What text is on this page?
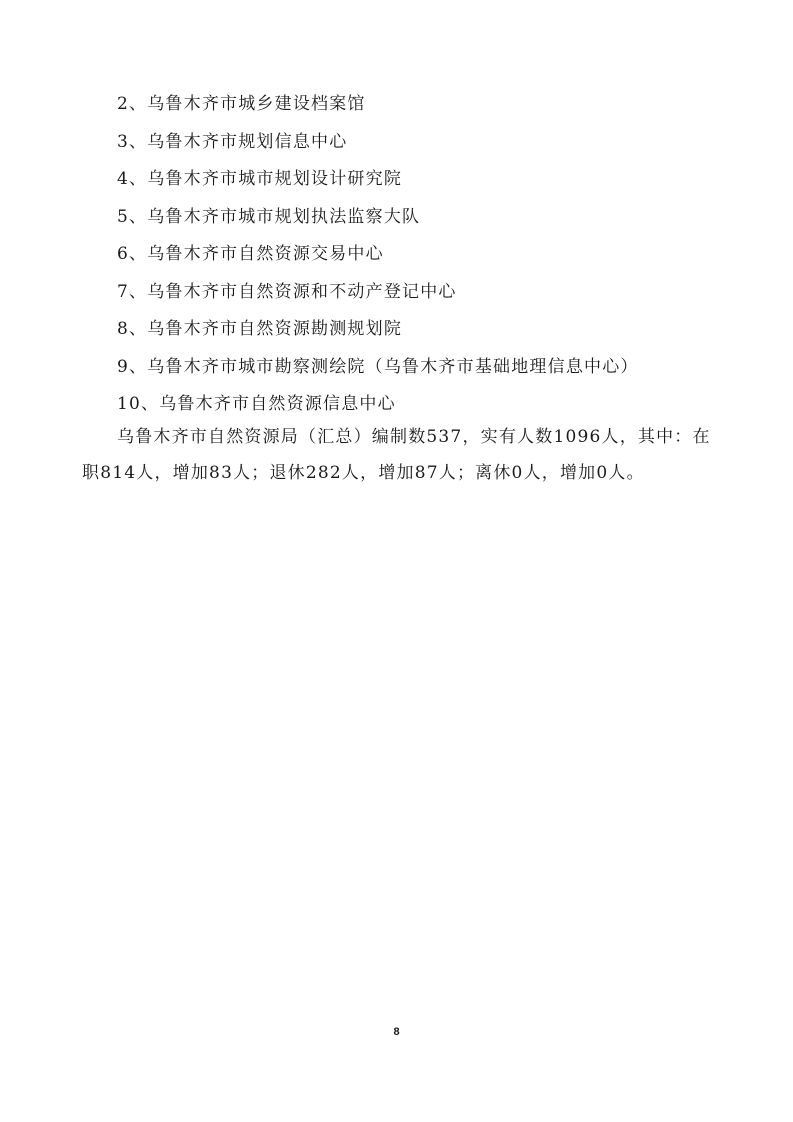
2、乌鲁木齐市城乡建设档案馆
3、乌鲁木齐市规划信息中心
4、乌鲁木齐市城市规划设计研究院
5、乌鲁木齐市城市规划执法监察大队
6、乌鲁木齐市自然资源交易中心
7、乌鲁木齐市自然资源和不动产登记中心
8、乌鲁木齐市自然资源勘测规划院
9、乌鲁木齐市城市勘察测绘院（乌鲁木齐市基础地理信息中心）
10、乌鲁木齐市自然资源信息中心

乌鲁木齐市自然资源局（汇总）编制数537，实有人数1096人，其中：在职814人，增加83人；退休282人，增加87人；离休0人，增加0人。

8
